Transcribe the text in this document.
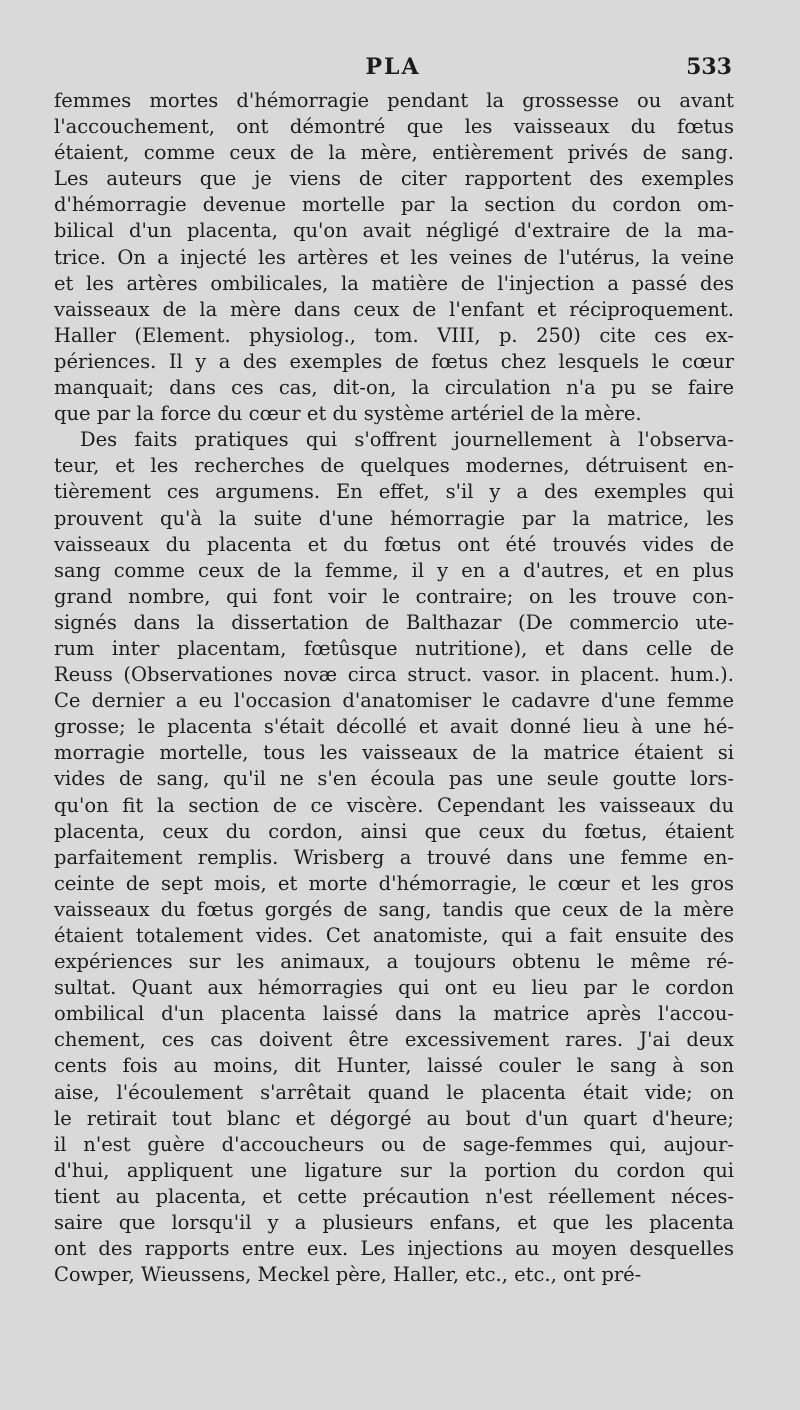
PLA	533
femmes mortes d'hémorragie pendant la grossesse ou avant
l'accouchement, ont démontré que les vaisseaux du fœtus
étaient, comme ceux de la mère, entièrement privés de sang.
Les auteurs que je viens de citer rapportent des exemples
d'hémorragie devenue mortelle par la section du cordon om-
bilical d'un placenta, qu'on avait négligé d'extraire de la ma-
trice. On a injecté les artères et les veines de l'utérus, la veine
et les artères ombilicales, la matière de l'injection a passé des
vaisseaux de la mère dans ceux de l'enfant et réciproquement.
Haller (Element. physiolog., tom. VIII, p. 250) cite ces ex-
périences. Il y a des exemples de fœtus chez lesquels le cœur
manquait; dans ces cas, dit-on, la circulation n'a pu se faire
que par la force du cœur et du système artériel de la mère.
Des faits pratiques qui s'offrent journellement à l'observa-
teur, et les recherches de quelques modernes, détruisent en-
tièrement ces argumens. En effet, s'il y a des exemples qui
prouvent qu'à la suite d'une hémorragie par la matrice, les
vaisseaux du placenta et du fœtus ont été trouvés vides de
sang comme ceux de la femme, il y en a d'autres, et en plus
grand nombre, qui font voir le contraire; on les trouve con-
signés dans la dissertation de Balthazar (De commercio ute-
rum inter placentam, fœtûsque nutritione), et dans celle de
Reuss (Observationes novæ circa struct. vasor. in placent. hum.).
Ce dernier a eu l'occasion d'anatomiser le cadavre d'une femme
grosse; le placenta s'était décollé et avait donné lieu à une hé-
morragie mortelle, tous les vaisseaux de la matrice étaient si
vides de sang, qu'il ne s'en écoula pas une seule goutte lors-
qu'on fit la section de ce viscère. Cependant les vaisseaux du
placenta, ceux du cordon, ainsi que ceux du fœtus, étaient
parfaitement remplis. Wrisberg a trouvé dans une femme en-
ceinte de sept mois, et morte d'hémorragie, le cœur et les gros
vaisseaux du fœtus gorgés de sang, tandis que ceux de la mère
étaient totalement vides. Cet anatomiste, qui a fait ensuite des
expériences sur les animaux, a toujours obtenu le même ré-
sultat. Quant aux hémorragies qui ont eu lieu par le cordon
ombilical d'un placenta laissé dans la matrice après l'accou-
chement, ces cas doivent être excessivement rares. J'ai deux
cents fois au moins, dit Hunter, laissé couler le sang à son
aise, l'écoulement s'arrêtait quand le placenta était vide; on
le retirait tout blanc et dégorgé au bout d'un quart d'heure;
il n'est guère d'accoucheurs ou de sage-femmes qui, aujour-
d'hui, appliquent une ligature sur la portion du cordon qui
tient au placenta, et cette précaution n'est réellement néces-
saire que lorsqu'il y a plusieurs enfans, et que les placenta
ont des rapports entre eux. Les injections au moyen desquelles
Cowper, Wieussens, Meckel père, Haller, etc., etc., ont pré-
